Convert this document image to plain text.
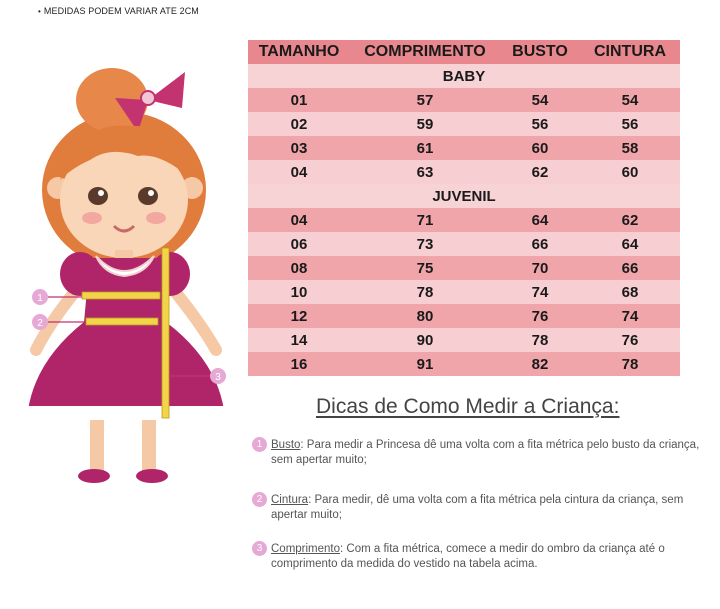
• MEDIDAS PODEM VARIAR ATE 2CM
1
2
3
TAMANHO	COMPRIMENTO	BUSTO	CINTURA
BABY			
01	57	54	54
02	59	56	56
03	61	60	58
04	63	62	60
JUVENIL			
04	71	64	62
06	73	66	64
08	75	70	66
10	78	74	68
12	80	76	74
14	90	78	76
16	91	82	78
Dicas de Como Medir a Criança:
1 Busto: Para medir a Princesa dê uma volta com a fita métrica pelo busto da criança, sem apertar muito;
2 Cintura: Para medir, dê uma volta com a fita métrica pela cintura da criança, sem apertar muito;
3 Comprimento: Com a fita métrica, comece a medir do ombro da criança até o comprimento da medida do vestido na tabela acima.
